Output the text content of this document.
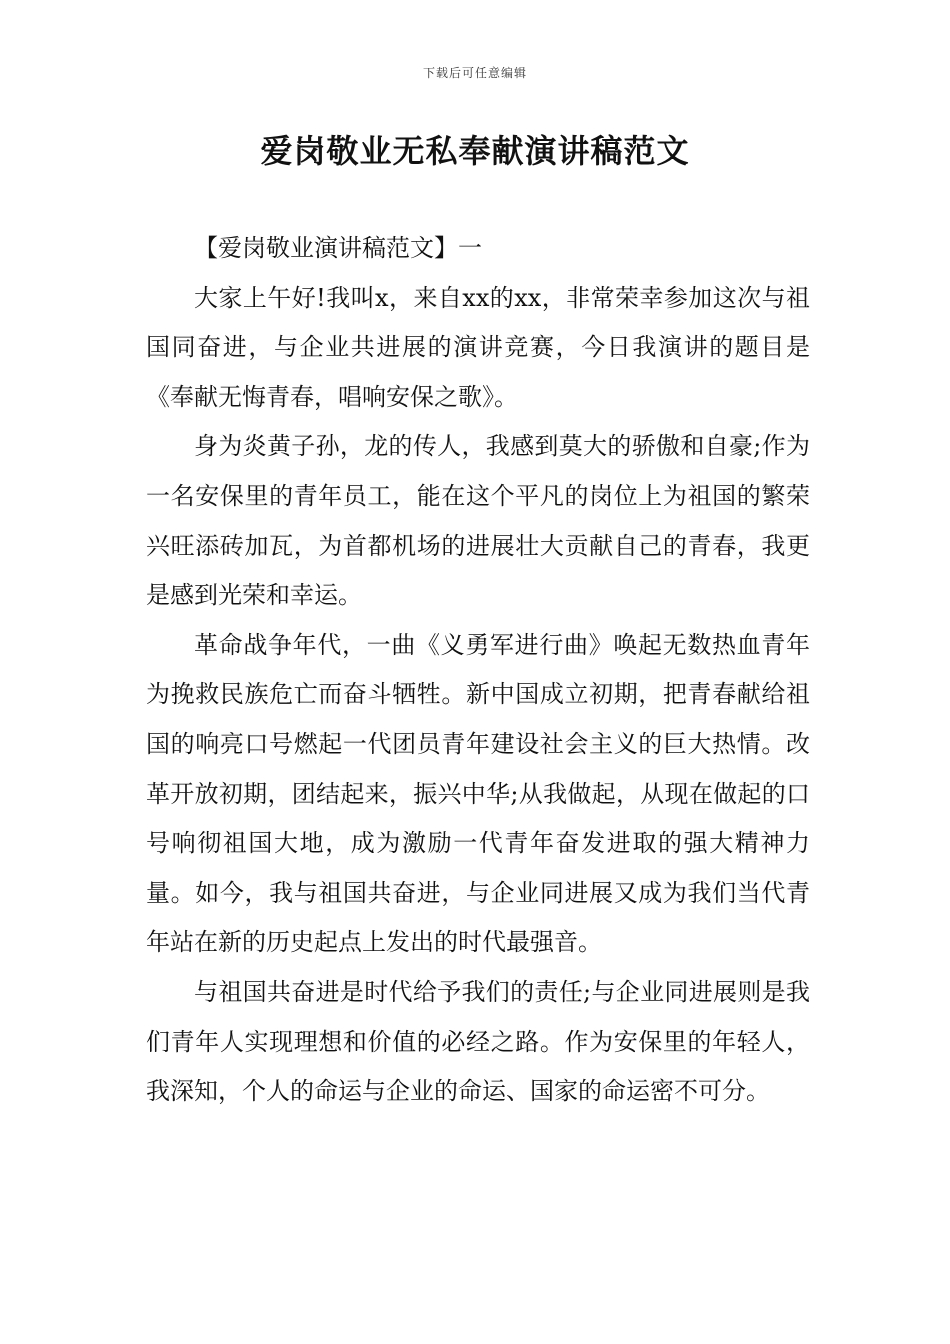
下载后可任意编辑
爱岗敬业无私奉献演讲稿范文

【爱岗敬业演讲稿范文】一

大家上午好!我叫x，来自xx的xx，非常荣幸参加这次与祖国同奋进，与企业共进展的演讲竞赛，今日我演讲的题目是《奉献无悔青春，唱响安保之歌》。

身为炎黄子孙，龙的传人，我感到莫大的骄傲和自豪;作为一名安保里的青年员工，能在这个平凡的岗位上为祖国的繁荣兴旺添砖加瓦，为首都机场的进展壮大贡献自己的青春，我更是感到光荣和幸运。

革命战争年代，一曲《义勇军进行曲》唤起无数热血青年为挽救民族危亡而奋斗牺牲。新中国成立初期，把青春献给祖国的响亮口号燃起一代团员青年建设社会主义的巨大热情。改革开放初期，团结起来，振兴中华;从我做起，从现在做起的口号响彻祖国大地，成为激励一代青年奋发进取的强大精神力量。如今，我与祖国共奋进，与企业同进展又成为我们当代青年站在新的历史起点上发出的时代最强音。

与祖国共奋进是时代给予我们的责任;与企业同进展则是我们青年人实现理想和价值的必经之路。作为安保里的年轻人，我深知，个人的命运与企业的命运、国家的命运密不可分。
